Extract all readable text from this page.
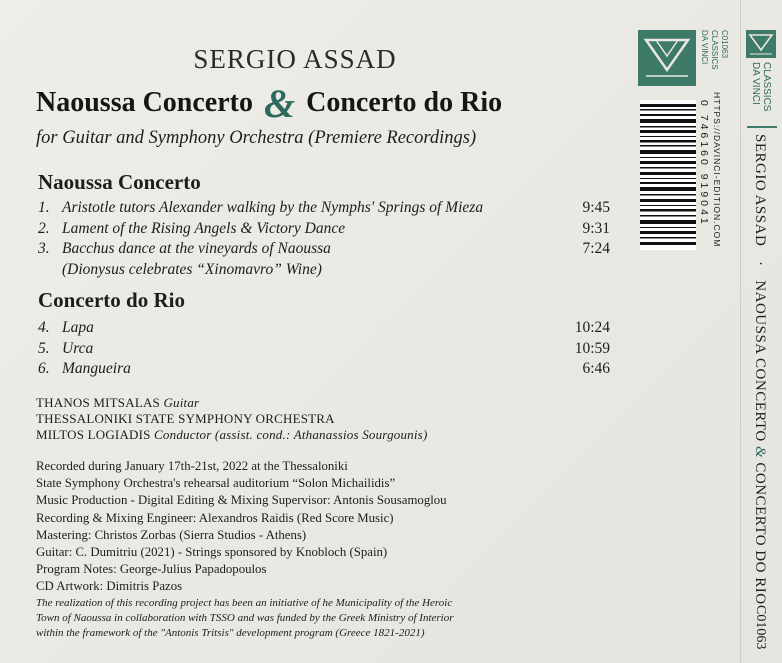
SERGIO ASSAD
Naoussa Concerto & Concerto do Rio
for Guitar and Symphony Orchestra (Premiere Recordings)
Naoussa Concerto
1. Aristotle tutors Alexander walking by the Nymphs' Springs of Mieza	9:45
2. Lament of the Rising Angels & Victory Dance	9:31
3. Bacchus dance at the vineyards of Naoussa	7:24
(Dionysus celebrates “Xinomavro” Wine)
Concerto do Rio
4. Lapa	10:24
5. Urca	10:59
6. Mangueira	6:46
THANOS MITSALAS Guitar
THESSALONIKI STATE SYMPHONY ORCHESTRA
MILTOS LOGIADIS Conductor (assist. cond.: Athanassios Sourgounis)
Recorded during January 17th-21st, 2022 at the Thessaloniki
State Symphony Orchestra's rehearsal auditorium “Solon Michailidis”
Music Production - Digital Editing & Mixing Supervisor: Antonis Sousamoglou
Recording & Mixing Engineer: Alexandros Raidis (Red Score Music)
Mastering: Christos Zorbas (Sierra Studios - Athens)
Guitar: C. Dumitriu (2021) - Strings sponsored by Knobloch (Spain)
Program Notes: George-Julius Papadopoulos
CD Artwork: Dimitris Pazos
The realization of this recording project has been an initiative of he Municipality of the Heroic
Town of Naoussa in collaboration with TSSO and was funded by the Greek Ministry of Interior
within the framework of the "Antonis Tritsis" development program (Greece 1821-2021)
DA VINCI CLASSICS C01063
0 746160 919041 HTTPS://DAVINCI-EDITION.COM
DA VINCI CLASSICS
SERGIO ASSAD · NAOUSSA CONCERTO & CONCERTO DO RIO
C01063
